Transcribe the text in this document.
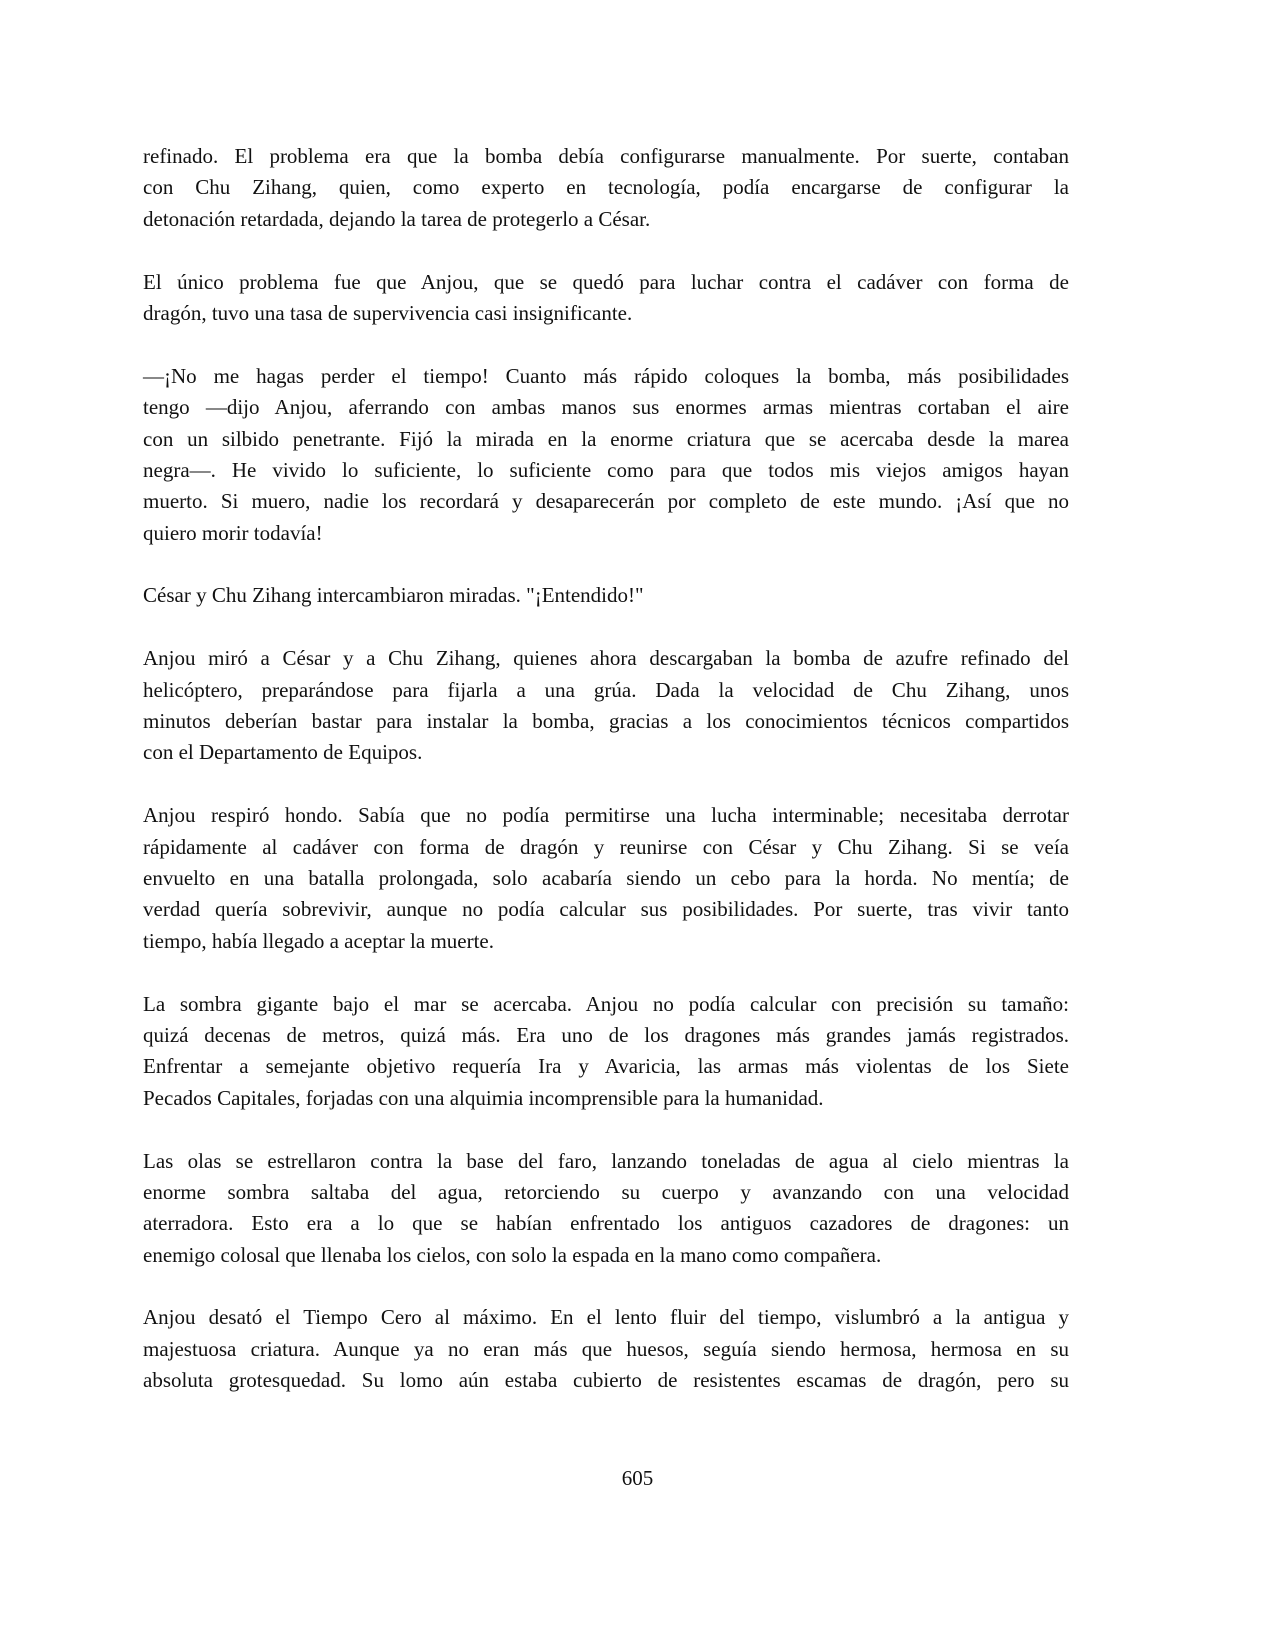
refinado. El problema era que la bomba debía configurarse manualmente. Por suerte, contaban
con Chu Zihang, quien, como experto en tecnología, podía encargarse de configurar la
detonación retardada, dejando la tarea de protegerlo a César.
El único problema fue que Anjou, que se quedó para luchar contra el cadáver con forma de
dragón, tuvo una tasa de supervivencia casi insignificante.
—¡No me hagas perder el tiempo! Cuanto más rápido coloques la bomba, más posibilidades
tengo —dijo Anjou, aferrando con ambas manos sus enormes armas mientras cortaban el aire
con un silbido penetrante. Fijó la mirada en la enorme criatura que se acercaba desde la marea
negra—. He vivido lo suficiente, lo suficiente como para que todos mis viejos amigos hayan
muerto. Si muero, nadie los recordará y desaparecerán por completo de este mundo. ¡Así que no
quiero morir todavía!
César y Chu Zihang intercambiaron miradas. "¡Entendido!"
Anjou miró a César y a Chu Zihang, quienes ahora descargaban la bomba de azufre refinado del
helicóptero, preparándose para fijarla a una grúa. Dada la velocidad de Chu Zihang, unos
minutos deberían bastar para instalar la bomba, gracias a los conocimientos técnicos compartidos
con el Departamento de Equipos.
Anjou respiró hondo. Sabía que no podía permitirse una lucha interminable; necesitaba derrotar
rápidamente al cadáver con forma de dragón y reunirse con César y Chu Zihang. Si se veía
envuelto en una batalla prolongada, solo acabaría siendo un cebo para la horda. No mentía; de
verdad quería sobrevivir, aunque no podía calcular sus posibilidades. Por suerte, tras vivir tanto
tiempo, había llegado a aceptar la muerte.
La sombra gigante bajo el mar se acercaba. Anjou no podía calcular con precisión su tamaño:
quizá decenas de metros, quizá más. Era uno de los dragones más grandes jamás registrados.
Enfrentar a semejante objetivo requería Ira y Avaricia, las armas más violentas de los Siete
Pecados Capitales, forjadas con una alquimia incomprensible para la humanidad.
Las olas se estrellaron contra la base del faro, lanzando toneladas de agua al cielo mientras la
enorme sombra saltaba del agua, retorciendo su cuerpo y avanzando con una velocidad
aterradora. Esto era a lo que se habían enfrentado los antiguos cazadores de dragones: un
enemigo colosal que llenaba los cielos, con solo la espada en la mano como compañera.
Anjou desató el Tiempo Cero al máximo. En el lento fluir del tiempo, vislumbró a la antigua y
majestuosa criatura. Aunque ya no eran más que huesos, seguía siendo hermosa, hermosa en su
absoluta grotesquedad. Su lomo aún estaba cubierto de resistentes escamas de dragón, pero su
605
